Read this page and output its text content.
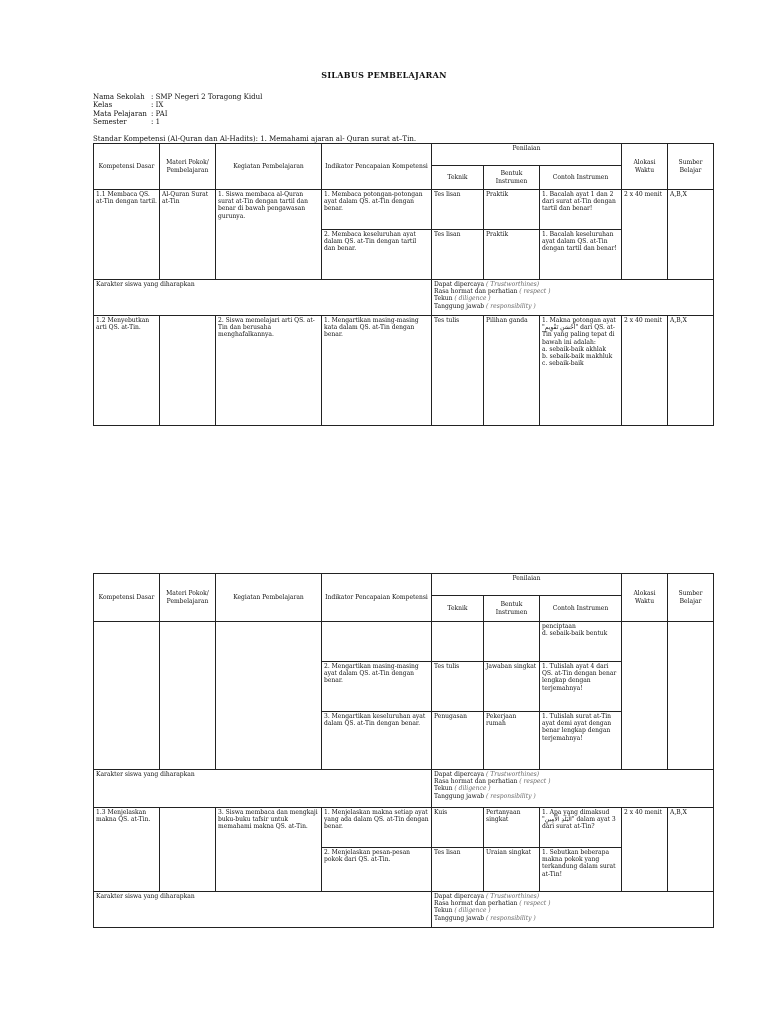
SILABUS PEMBELAJARAN
Nama Sekolah : SMP Negeri 2 Toragong Kidul
Kelas	: IX
Mata Pelajaran : PAI
Semester	: 1
Standar Kompetensi (Al-Quran dan Al-Hadits): 1. Memahami ajaran al- Quran surat at–Tin.
Kompetensi Dasar	Materi Pokok/ Pembelajaran	Kegiatan Pembelajaran	Indikator Pencapaian Kompetensi	Penilaian			Alokasi Waktu	Sumber Belajar
				Teknik	Bentuk Instrumen	Contoh Instrumen		
1.1 Membaca QS. at-Tin dengan tartil.	Al-Quran Surat at-Tin	1. Siswa membaca al-Quran surat at-Tin dengan tartil dan benar di bawah pengawasan gurunya.	1. Membaca potongan-potongan ayat dalam QS. at-Tin dengan benar.	Tes lisan	Praktik	1. Bacalah ayat 1 dan 2 dari surat at-Tin dengan tartil dan benar!	2 x 40 menit	A,B,X
			2. Membaca keseluruhan ayat dalam QS. at-Tin dengan tartil dan benar.	Tes lisan	Praktik	1. Bacalah keseluruhan ayat dalam QS. at-Tin dengan tartil dan benar!		
Karakter siswa yang diharapkan				Dapat dipercaya ( Trustworthines)
Rasa hormat dan perhatian ( respect )
Tekun ( diligence )
Tanggung jawab ( responsibility )				

1.2 Menyebutkan arti QS. at-Tin.		2. Siswa memelajari arti QS. at-Tin dan berusaha menghafalkannya.	1. Mengartikan masing-masing kata dalam QS. at-Tin dengan benar.	Tes tulis	Pilihan ganda	1. Makna potongan ayat "أَحْسَنِ تَقْوِيمٍ" dari QS. at-Tin yang paling tepat di bawah ini adalah:
a. sebaik-baik akhlak
b. sebaik-baik makhluk
c. sebaik-baik	2 x 40 menit	A,B,X
Kompetensi Dasar	Materi Pokok/ Pembelajaran	Kegiatan Pembelajaran	Indikator Pencapaian Kompetensi	Penilaian			Alokasi Waktu	Sumber Belajar
				Teknik	Bentuk Instrumen	Contoh Instrumen		

						penciptaan
d. sebaik-baik bentuk		

			2. Mengartikan masing-masing ayat dalam QS. at-Tin dengan benar.	Tes tulis	Jawaban singkat	1. Tulislah ayat 4 dari QS. at-Tin dengan benar lengkap dengan terjemahnya!		
			3. Mengartikan keseluruhan ayat dalam QS. at-Tin dengan benar.	Penugasan	Pekerjaan rumah	1. Tulislah surat at-Tin ayat demi ayat dengan benar lengkap dengan terjemahnya!		
Karakter siswa yang diharapkan				Dapat dipercaya ( Trustworthines)
Rasa hormat dan perhatian ( respect )
Tekun ( diligence )
Tanggung jawab ( responsibility )				

1.3 Menjelaskan makna QS. at-Tin.		3. Siswa membaca dan mengkaji buku-buku tafsir untuk memahami makna QS. at-Tin.	1. Menjelaskan makna setiap ayat yang ada dalam QS. at-Tin dengan benar.	Kuis	Pertanyaan singkat	1. Apa yang dimaksud "الْبَلَدِ الْأَمِينِ" dalam ayat 3 dari surat at-Tin?	2 x 40 menit	A,B,X
			2. Menjelaskan pesan-pesan pokok dari QS. at-Tin.	Tes lisan	Uraian singkat	1. Sebutkan beberapa makna pokok yang terkandung dalam surat at-Tin!		
Karakter siswa yang diharapkan				Dapat dipercaya ( Trustworthines)
Rasa hormat dan perhatian ( respect )
Tekun ( diligence )
Tanggung jawab ( responsibility )				
